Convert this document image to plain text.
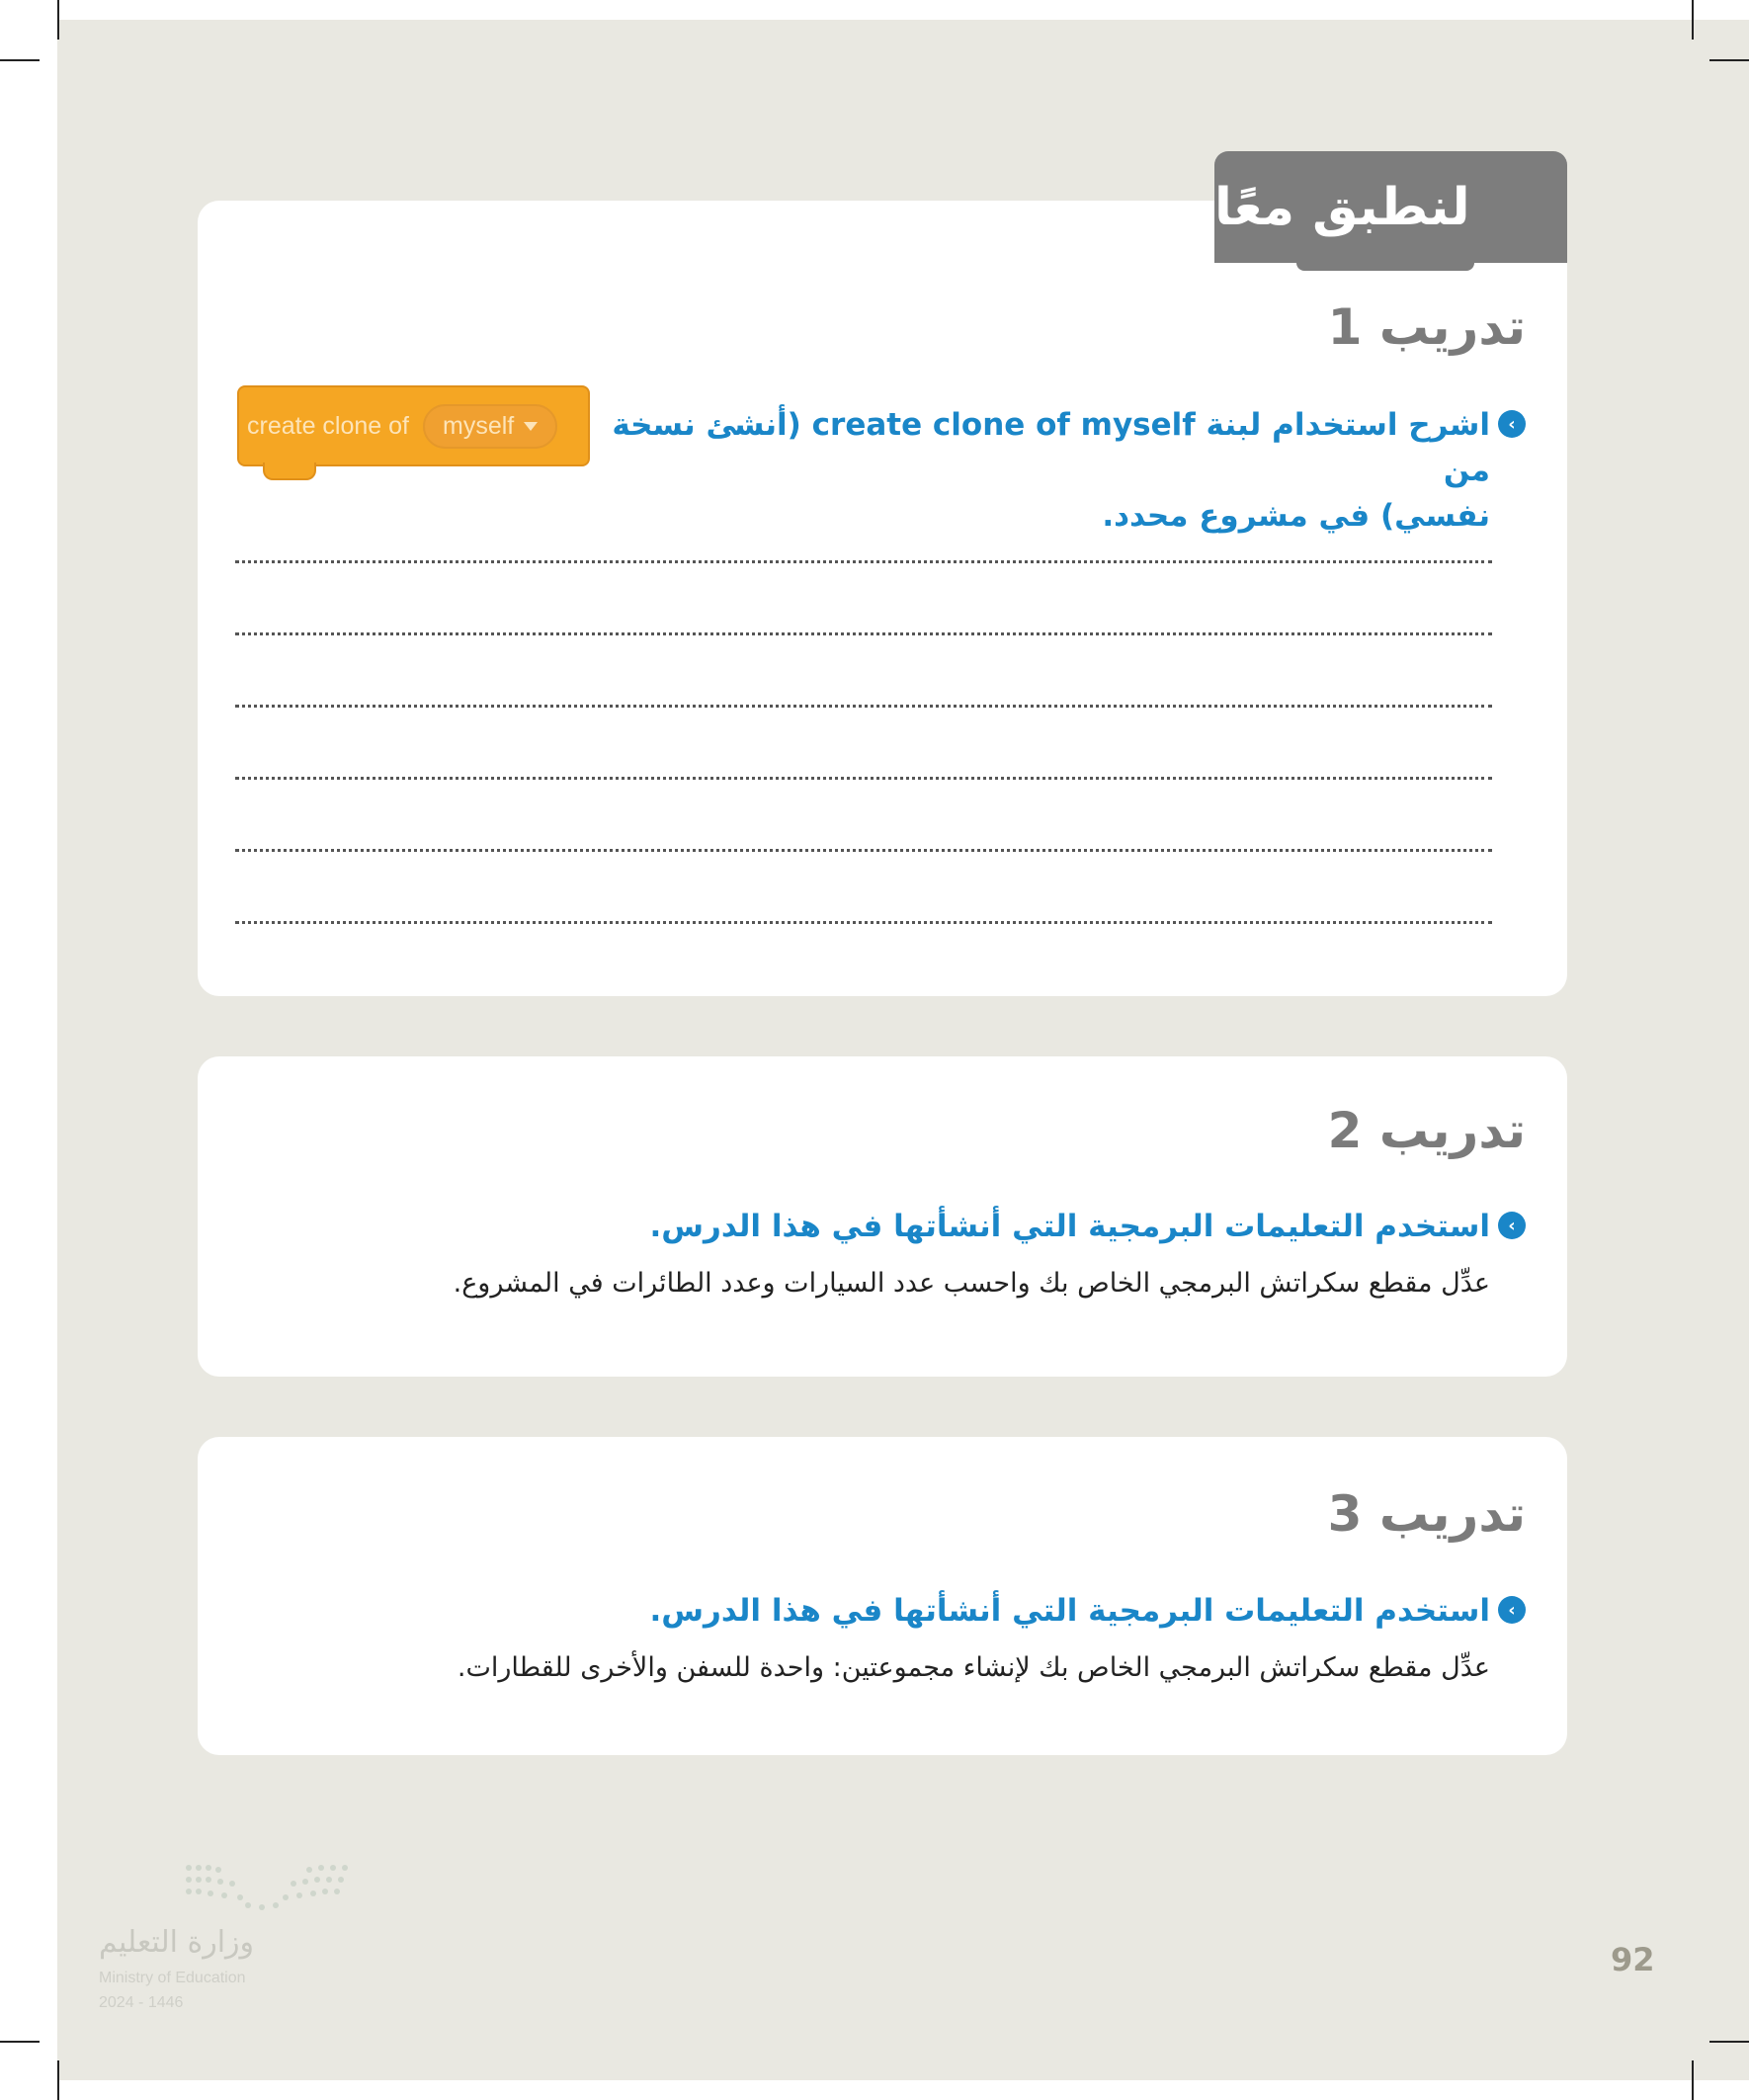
لنطبق معًا
تدريب 1
‹
اشرح استخدام لبنة create clone of myself (أنشئ نسخة من
نفسي) في مشروع محدد.
create clone of myself
تدريب 2
‹
استخدم التعليمات البرمجية التي أنشأتها في هذا الدرس.
عدِّل مقطع سكراتش البرمجي الخاص بك واحسب عدد السيارات وعدد الطائرات في المشروع.
تدريب 3
‹
استخدم التعليمات البرمجية التي أنشأتها في هذا الدرس.
عدِّل مقطع سكراتش البرمجي الخاص بك لإنشاء مجموعتين: واحدة للسفن والأخرى للقطارات.
وزارة التعليم
Ministry of Education
2024 - 1446
92
